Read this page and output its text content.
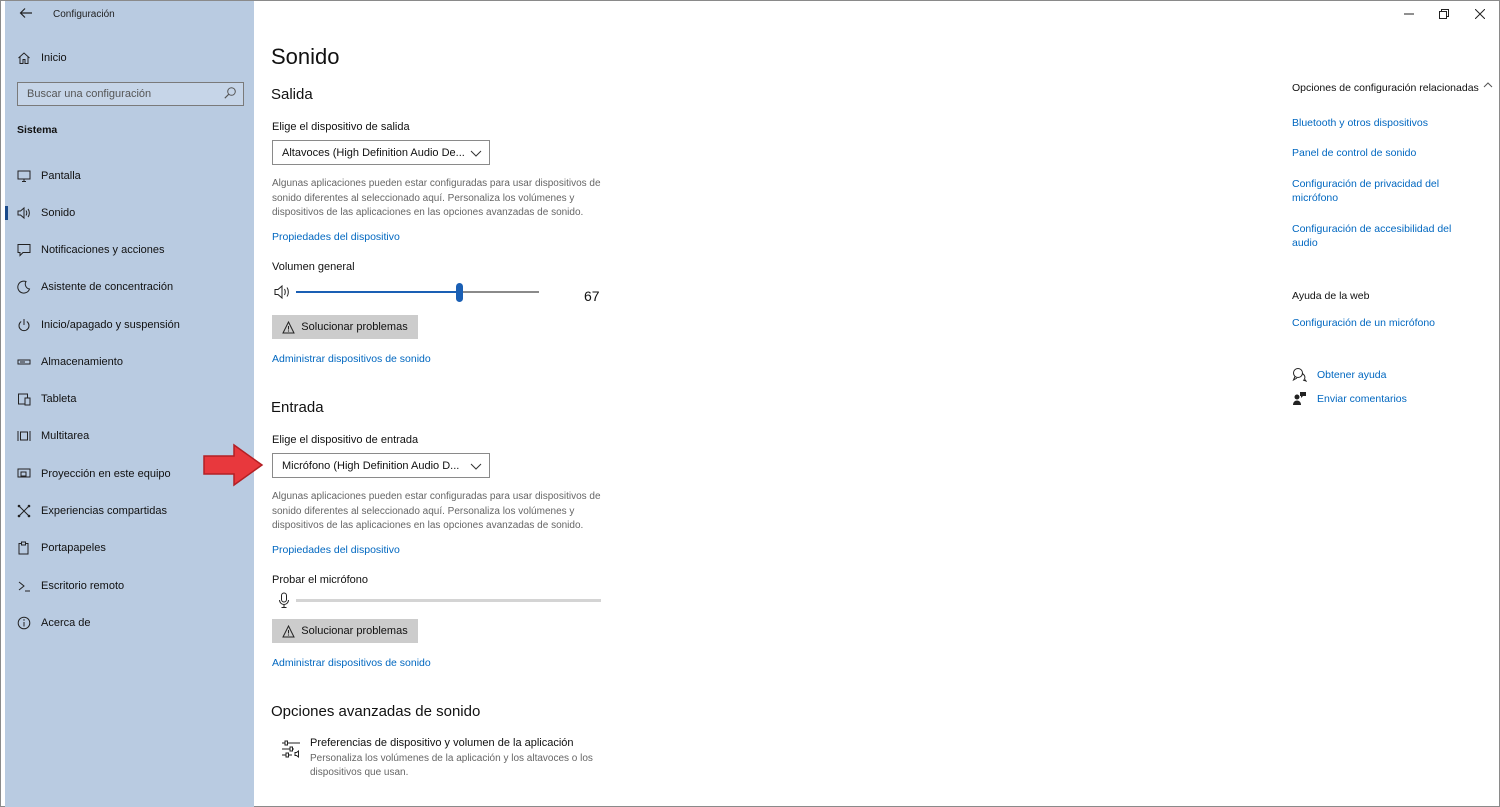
Configuración
Inicio
Buscar una configuración
Sistema
Pantalla
Sonido
Notificaciones y acciones
Asistente de concentración
Inicio/apagado y suspensión
Almacenamiento
Tableta
Multitarea
Proyección en este equipo
Experiencias compartidas
Portapapeles
Escritorio remoto
Acerca de
Sonido
Salida
Elige el dispositivo de salida
Altavoces (High Definition Audio De...
Algunas aplicaciones pueden estar configuradas para usar dispositivos de sonido diferentes al seleccionado aquí. Personaliza los volúmenes y dispositivos de las aplicaciones en las opciones avanzadas de sonido.
Propiedades del dispositivo
Volumen general
67
Solucionar problemas
Administrar dispositivos de sonido
Entrada
Elige el dispositivo de entrada
Micrófono (High Definition Audio D...
Algunas aplicaciones pueden estar configuradas para usar dispositivos de sonido diferentes al seleccionado aquí. Personaliza los volúmenes y dispositivos de las aplicaciones en las opciones avanzadas de sonido.
Propiedades del dispositivo
Probar el micrófono
Solucionar problemas
Administrar dispositivos de sonido
Opciones avanzadas de sonido
Preferencias de dispositivo y volumen de la aplicación
Personaliza los volúmenes de la aplicación y los altavoces o los dispositivos que usan.
Opciones de configuración relacionadas
Bluetooth y otros dispositivos
Panel de control de sonido
Configuración de privacidad del micrófono
Configuración de accesibilidad del audio
Ayuda de la web
Configuración de un micrófono
Obtener ayuda
Enviar comentarios
